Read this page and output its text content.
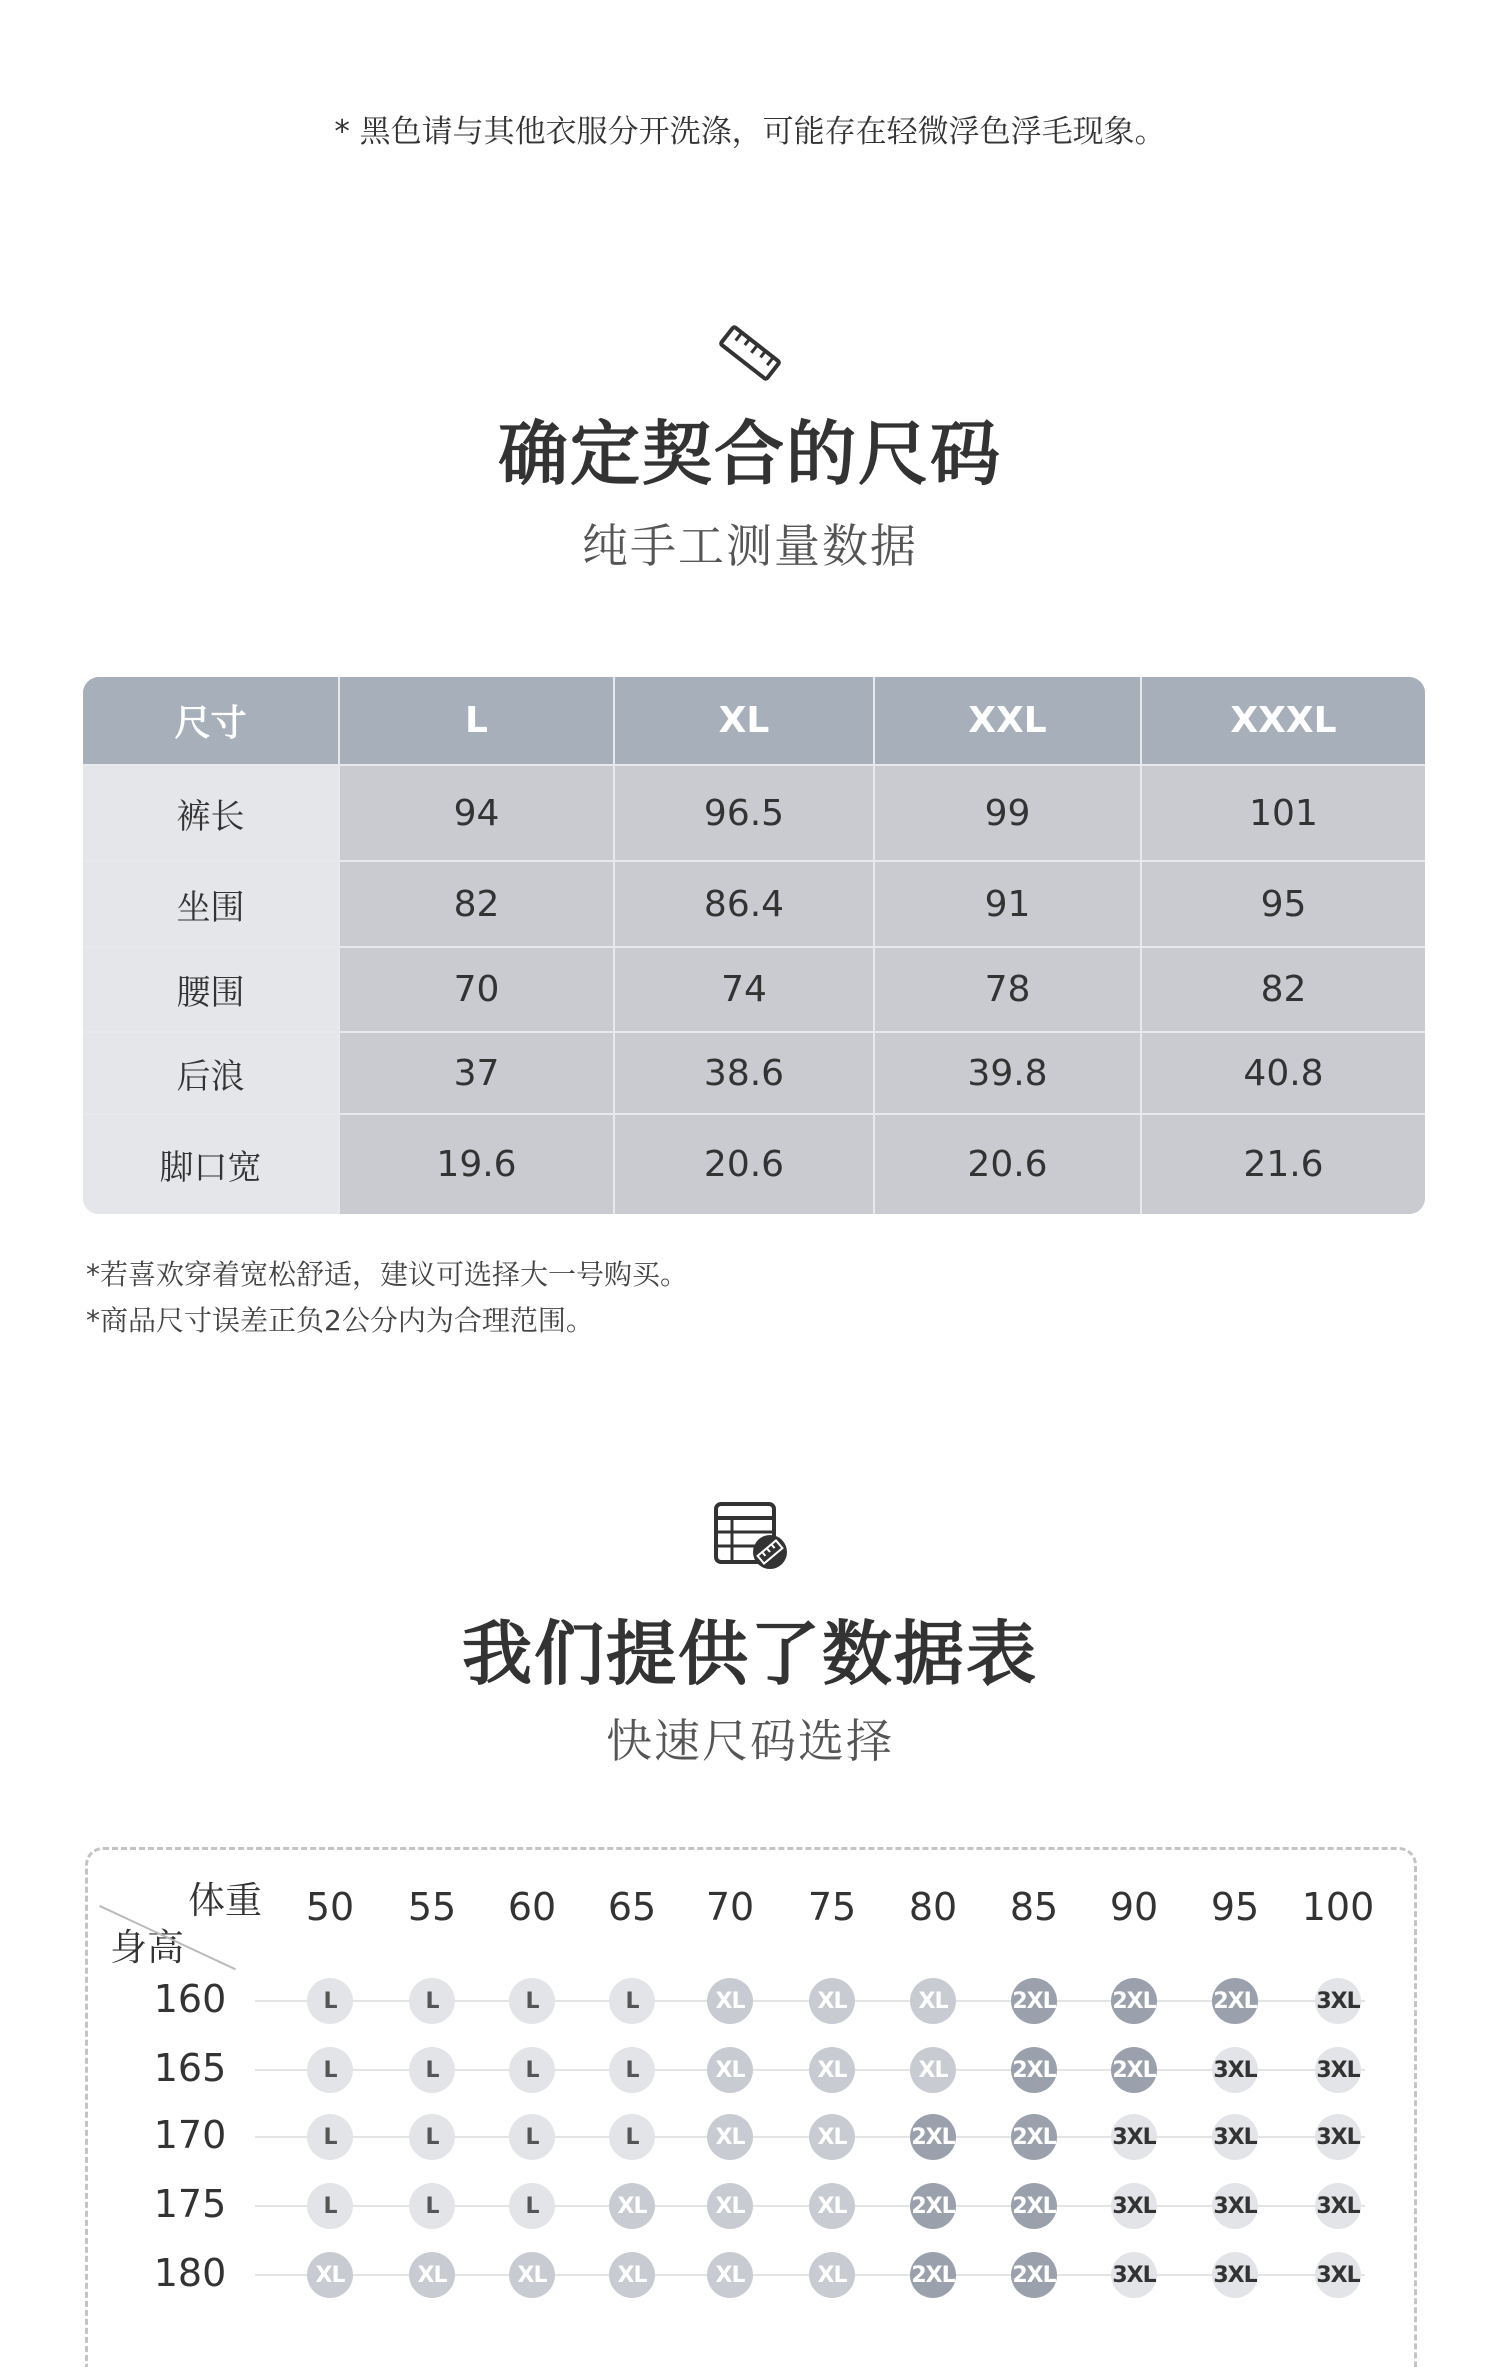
* 黑色请与其他衣服分开洗涤，可能存在轻微浮色浮毛现象。
确定契合的尺码
纯手工测量数据
尺寸	L	XL	XXL	XXXL
裤长	94	96.5	99	101
坐围	82	86.4	91	95
腰围	70	74	78	82
后浪	37	38.6	39.8	40.8
脚口宽	19.6	20.6	20.6	21.6
*若喜欢穿着宽松舒适，建议可选择大一号购买。
*商品尺寸误差正负2公分内为合理范围。
我们提供了数据表
快速尺码选择
体重
身高
50	55	60	65	70	75	80	85	90	95	100
160	L	L	L	L	XL	XL	XL	2XL	2XL	2XL	3XL
165	L	L	L	L	XL	XL	XL	2XL	2XL	3XL	3XL
170	L	L	L	L	XL	XL	2XL	2XL	3XL	3XL	3XL
175	L	L	L	XL	XL	XL	2XL	2XL	3XL	3XL	3XL
180	XL	XL	XL	XL	XL	XL	2XL	2XL	3XL	3XL	3XL
